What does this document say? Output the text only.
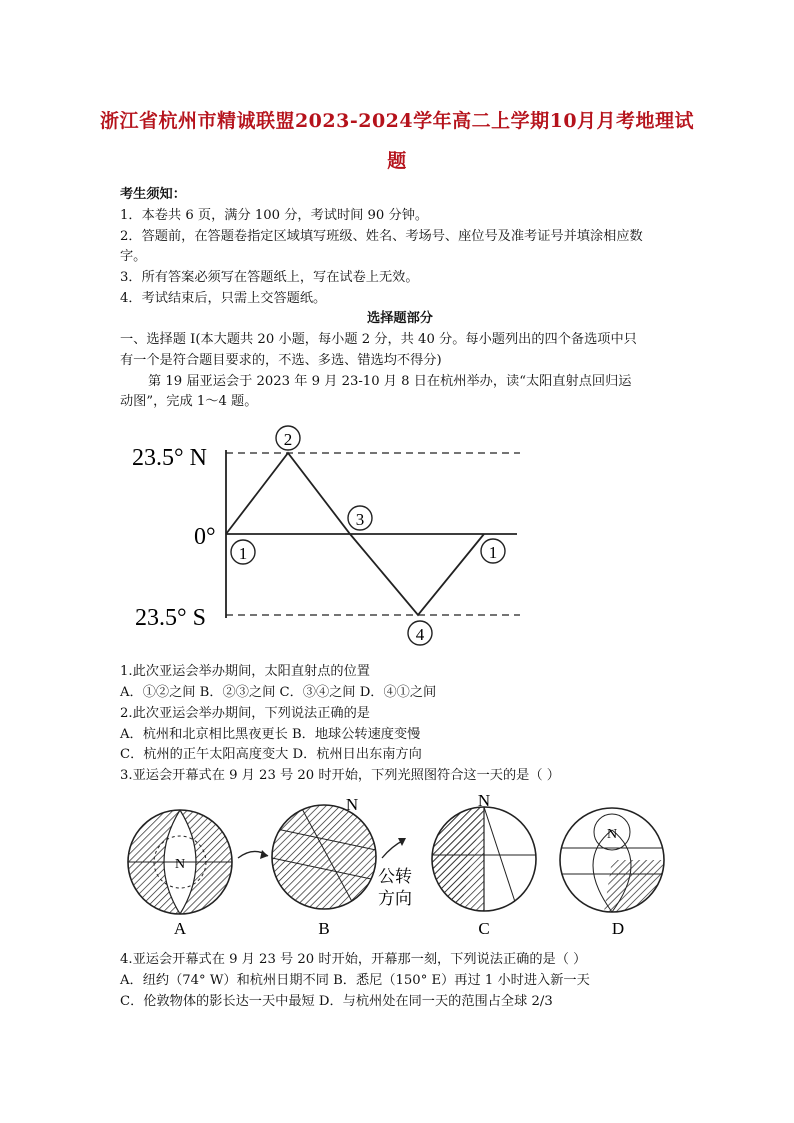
浙江省杭州市精诚联盟2023-2024学年高二上学期10月月考地理试
题
考生须知：
1．本卷共 6 页，满分 100 分，考试时间 90 分钟。
2．答题前，在答题卷指定区域填写班级、姓名、考场号、座位号及准考证号并填涂相应数
字。
3．所有答案必须写在答题纸上，写在试卷上无效。
4．考试结束后，只需上交答题纸。
选择题部分
一、选择题 I(本大题共 20 小题，每小题 2 分，共 40 分。每小题列出的四个备选项中只
有一个是符合题目要求的，不选、多选、错选均不得分)
第 19 届亚运会于 2023 年 9 月 23-10 月 8 日在杭州举办，读“太阳直射点回归运
动图”，完成 1～4 题。
23.5° N
0°
23.5° S
1
2
3
4
1
N
N
公转
方向
N
N
A	B	C	D
1.此次亚运会举办期间，太阳直射点的位置
A．①②之间 B．②③之间 C．③④之间 D．④①之间
2.此次亚运会举办期间，下列说法正确的是
A．杭州和北京相比黑夜更长 B．地球公转速度变慢
C．杭州的正午太阳高度变大 D．杭州日出东南方向
3.亚运会开幕式在 9 月 23 号 20 时开始，下列光照图符合这一天的是（ ）
4.亚运会开幕式在 9 月 23 号 20 时开始，开幕那一刻，下列说法正确的是（ ）
A．纽约（74° W）和杭州日期不同 B．悉尼（150° E）再过 1 小时进入新一天
C．伦敦物体的影长达一天中最短 D．与杭州处在同一天的范围占全球 2/3
